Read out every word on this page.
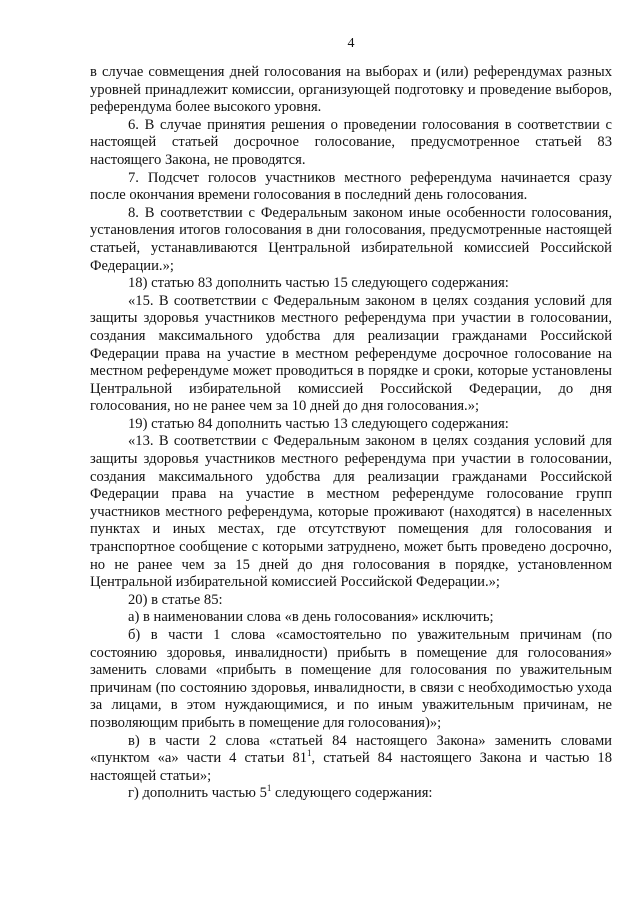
4

в случае совмещения дней голосования на выборах и (или) референдумах разных уровней принадлежит комиссии, организующей подготовку и проведение выборов, референдума более высокого уровня.

6. В случае принятия решения о проведении голосования в соответствии с настоящей статьей досрочное голосование, предусмотренное статьей 83 настоящего Закона, не проводятся.

7. Подсчет голосов участников местного референдума начинается сразу после окончания времени голосования в последний день голосования.

8. В соответствии с Федеральным законом иные особенности голосования, установления итогов голосования в дни голосования, предусмотренные настоящей статьей, устанавливаются Центральной избирательной комиссией Российской Федерации.»;

18) статью 83 дополнить частью 15 следующего содержания:

«15. В соответствии с Федеральным законом в целях создания условий для защиты здоровья участников местного референдума при участии в голосовании, создания максимального удобства для реализации гражданами Российской Федерации права на участие в местном референдуме досрочное голосование на местном референдуме может проводиться в порядке и сроки, которые установлены Центральной избирательной комиссией Российской Федерации, до дня голосования, но не ранее чем за 10 дней до дня голосования.»;

19) статью 84 дополнить частью 13 следующего содержания:

«13. В соответствии с Федеральным законом в целях создания условий для защиты здоровья участников местного референдума при участии в голосовании, создания максимального удобства для реализации гражданами Российской Федерации права на участие в местном референдуме голосование групп участников местного референдума, которые проживают (находятся) в населенных пунктах и иных местах, где отсутствуют помещения для голосования и транспортное сообщение с которыми затруднено, может быть проведено досрочно, но не ранее чем за 15 дней до дня голосования в порядке, установленном Центральной избирательной комиссией Российской Федерации.»;

20) в статье 85:

а) в наименовании слова «в день голосования» исключить;

б) в части 1 слова «самостоятельно по уважительным причинам (по состоянию здоровья, инвалидности) прибыть в помещение для голосования» заменить словами «прибыть в помещение для голосования по уважительным причинам (по состоянию здоровья, инвалидности, в связи с необходимостью ухода за лицами, в этом нуждающимися, и по иным уважительным причинам, не позволяющим прибыть в помещение для голосования)»;

в) в части 2 слова «статьей 84 настоящего Закона» заменить словами «пунктом «а» части 4 статьи $81^1$, статьей 84 настоящего Закона и частью 18 настоящей статьи»;

г) дополнить частью $5^1$ следующего содержания:
